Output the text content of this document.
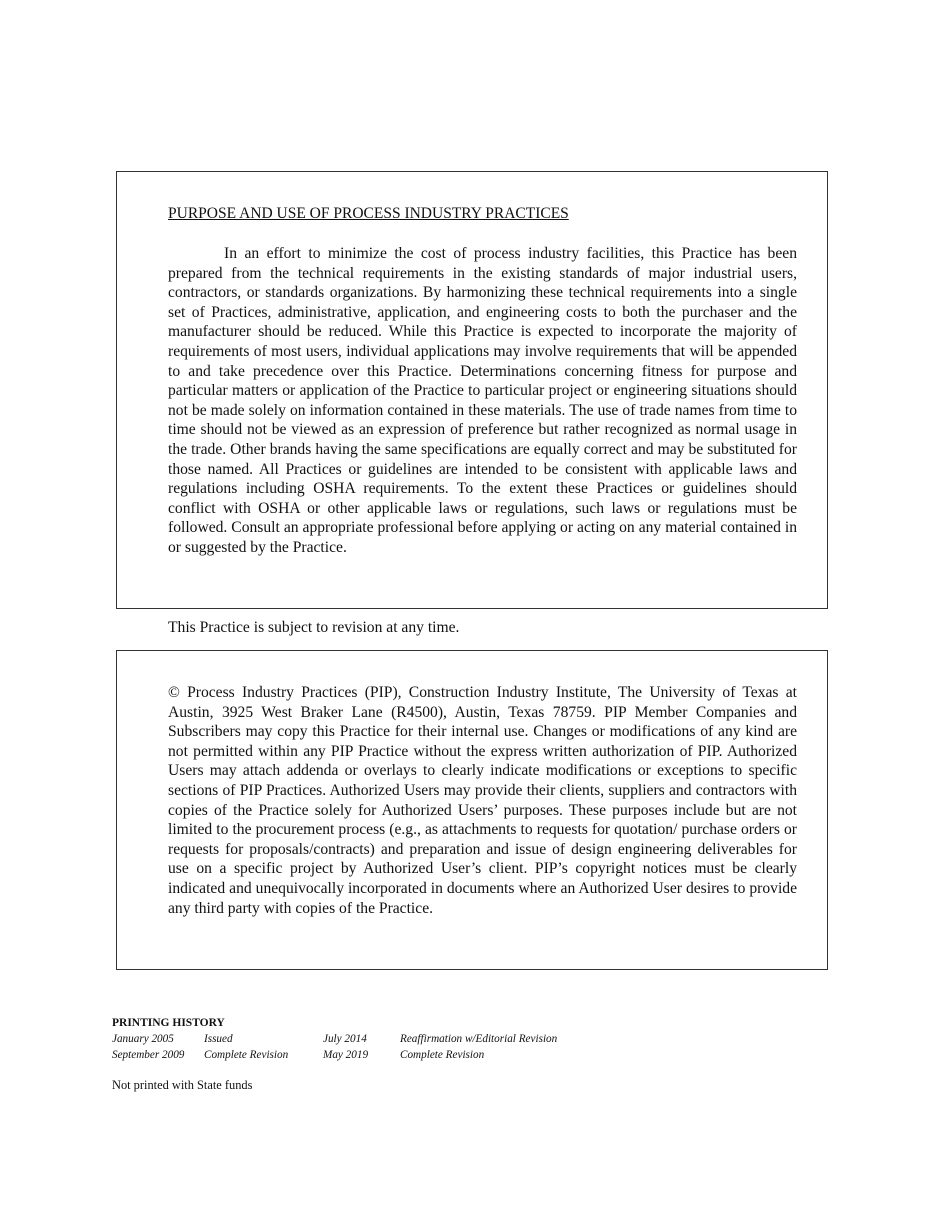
PURPOSE AND USE OF PROCESS INDUSTRY PRACTICES

In an effort to minimize the cost of process industry facilities, this Practice has been prepared from the technical requirements in the existing standards of major industrial users, contractors, or standards organizations. By harmonizing these technical requirements into a single set of Practices, administrative, application, and engineering costs to both the purchaser and the manufacturer should be reduced. While this Practice is expected to incorporate the majority of requirements of most users, individual applications may involve requirements that will be appended to and take precedence over this Practice. Determinations concerning fitness for purpose and particular matters or application of the Practice to particular project or engineering situations should not be made solely on information contained in these materials. The use of trade names from time to time should not be viewed as an expression of preference but rather recognized as normal usage in the trade. Other brands having the same specifications are equally correct and may be substituted for those named. All Practices or guidelines are intended to be consistent with applicable laws and regulations including OSHA requirements. To the extent these Practices or guidelines should conflict with OSHA or other applicable laws or regulations, such laws or regulations must be followed. Consult an appropriate professional before applying or acting on any material contained in or suggested by the Practice.

This Practice is subject to revision at any time.

© Process Industry Practices (PIP), Construction Industry Institute, The University of Texas at Austin, 3925 West Braker Lane (R4500), Austin, Texas 78759. PIP Member Companies and Subscribers may copy this Practice for their internal use. Changes or modifications of any kind are not permitted within any PIP Practice without the express written authorization of PIP. Authorized Users may attach addenda or overlays to clearly indicate modifications or exceptions to specific sections of PIP Practices. Authorized Users may provide their clients, suppliers and contractors with copies of the Practice solely for Authorized Users’ purposes. These purposes include but are not limited to the procurement process (e.g., as attachments to requests for quotation/ purchase orders or requests for proposals/contracts) and preparation and issue of design engineering deliverables for use on a specific project by Authorized User’s client. PIP’s copyright notices must be clearly indicated and unequivocally incorporated in documents where an Authorized User desires to provide any third party with copies of the Practice.

PRINTING HISTORY

January 2005	Issued	July 2014	Reaffirmation w/Editorial Revision
September 2009 Complete Revision	May 2019	Complete Revision
Not printed with State funds
